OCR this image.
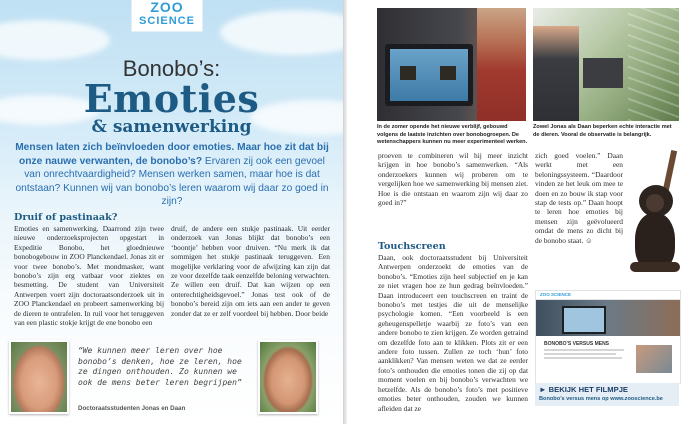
ZOO
SCIENCE
Bonobo’s:
Emoties
& samenwerking
Mensen laten zich beïnvloeden door emoties. Maar hoe zit dat bij onze nauwe verwanten, de bonobo’s? Ervaren zij ook een gevoel van onrechtvaardigheid? Mensen werken samen, maar hoe is dat ontstaan? Kunnen wij van bonobo’s leren waarom wij daar zo goed in zijn?
Druif of pastinaak?

Emoties en samenwerking. Daarrond zijn twee nieuwe onderzoeksprojecten opgestart in Expeditie Bonobo, het gloednieuwe bonobogebouw in ZOO Planckendael. Jonas zit er voor twee bonobo’s. Met mondmasker, want bonobo’s zijn erg vatbaar voor ziektes en besmetting. De student van Universiteit Antwerpen voert zijn doctoraatsonderzoek uit in ZOO Planckendael en probeert samenwerking bij de dieren te ontrafelen. In ruil voor het teruggeven van een plastic stokje krijgt de ene bonobo een

druif, de andere een stukje pastinaak. Uit eerder onderzoek van Jonas blijkt dat bonobo’s een ‘boontje’ hebben voor druiven. “Nu merk ik dat sommigen het stukje pastinaak teruggeven. Een mogelijke verklaring voor de afwijzing kan zijn dat ze voor dezelfde taak eenzelfde beloning verwachten. Ze willen een druif. Dat kan wijzen op een onterechtigheidsgevoel.” Jonas test ook of de bonobo’s bereid zijn om iets aan een ander te geven zonder dat ze er zelf voordeel bij hebben. Door beide

“We kunnen meer leren over hoe bonobo’s denken, hoe ze leren, hoe ze dingen onthouden. Zo kunnen we ook de mens beter leren begrijpen”
Doctoraatsstudenten Jonas en Daan
In de zomer opende het nieuwe verblijf, gebouwd volgens de laatste inzichten over bonobogroepen. De wetenschappers kunnen nu meer experimenteel werken.
Zowel Jonas als Daan beperken echte interactie met de dieren. Vooral de observatie is belangrijk.

proeven te combineren wil hij meer inzicht krijgen in hoe bonobo’s samenwerken. “Als onderzoekers kunnen wij proberen om te vergelijken hoe we samenwerking bij mensen ziet. Hoe is die ontstaan en waarom zijn wij daar zo goed in?”

Touchscreen

Daan, ook doctoraatsstudent bij Universiteit Antwerpen onderzoekt de emoties van de bonobo’s. “Emoties zijn heel subjectief en je kan ze niet vragen hoe ze hun gedrag beïnvloeden.” Daan introduceert een touchscreen en traint de bonobo’s met testjes die uit de menselijke psychologie komen. “Een voorbeeld is een geheugenspelletje waarbij ze foto’s van een andere bonobo te zien krijgen. Ze worden getraind om dezelfde foto aan te klikken. Plots zit er een andere foto tussen. Zullen ze toch ‘hun’ foto aanklikken? Van mensen weten we dat ze eerder foto’s onthouden die emoties tonen die zij op dat moment voelen en bij bonobo’s verwachten we hetzelfde. Als de bonobo’s foto’s met positieve emoties beter onthouden, zouden we kunnen afleiden dat ze

zich goed voelen.” Daan werkt met een beloningssysteem. “Daardoor vinden ze het leuk om mee te doen en zo bouw ik stap voor stap de tests op.” Daan hoopt te leren hoe emoties bij mensen zijn geëvolueerd omdat de mens zo dicht bij de bonobo staat. ☺

ZOO SCIENCE
BONOBO’S VERSUS MENS
► BEKIJK HET FILMPJE
Bonobo’s versus mens op www.zooscience.be
